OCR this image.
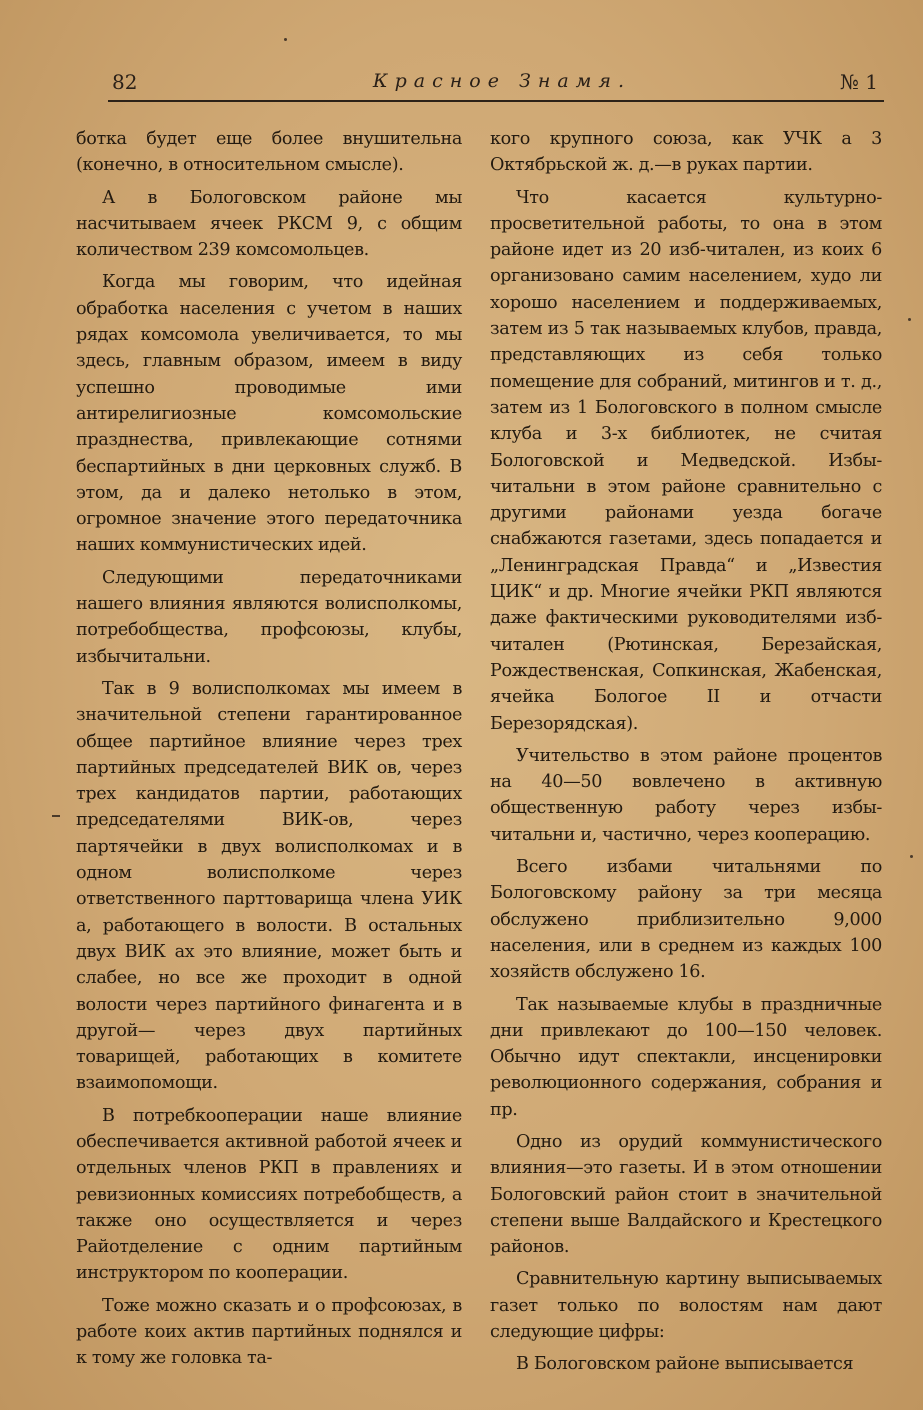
82	Красное Знамя.	№ 1

ботка будет еще более внушительна (конечно, в относительном смысле).

А в Бологовском районе мы насчитываем ячеек РКСМ 9, с общим количеством 239 комсомольцев.

Когда мы говорим, что идейная обработка населения с учетом в наших рядах комсомола увеличивается, то мы здесь, главным образом, имеем в виду успешно проводимые ими антирелигиозные комсомольские празднества, привлекающие сотнями беспартийных в дни церковных служб. В этом, да и далеко нетолько в этом, огромное значение этого передаточника наших коммунистических идей.

Следующими передаточниками нашего влияния являются волисполкомы, потребобщества, профсоюзы, клубы, избычитальни.

Так в 9 волисполкомах мы имеем в значительной степени гарантированное общее партийное влияние через трех партийных председателей ВИК ов, через трех кандидатов партии, работающих председателями ВИК-ов, через партячейки в двух волисполкомах и в одном волисполкоме через ответственного парттоварища члена УИК а, работающего в волости. В остальных двух ВИК ах это влияние, может быть и слабее, но все же проходит в одной волости через партийного финагента и в другой— через двух партийных товарищей, работающих в комитете взаимопомощи.

В потребкооперации наше влияние обеспечивается активной работой ячеек и отдельных членов РКП в правлениях и ревизионных комиссиях потребобществ, а также оно осуществляется и через Райотделение с одним партийным инструктором по кооперации.

Тоже можно сказать и о профсоюзах, в работе коих актив партийных поднялся и к тому же головка та-

кого крупного союза, как УЧК а 3 Октябрьской ж. д.—в руках партии.

Что касается культурно-просветительной работы, то она в этом районе идет из 20 изб-читален, из коих 6 организовано самим населением, худо ли хорошо населением и поддерживаемых, затем из 5 так называемых клубов, правда, представляющих из себя только помещение для собраний, митингов и т. д., затем из 1 Бологовского в полном смысле клуба и 3-х библиотек, не считая Бологовской и Медведской. Избы-читальни в этом районе сравнительно с другими районами уезда богаче снабжаются газетами, здесь попадается и „Ленинградская Правда“ и „Известия ЦИК“ и др. Многие ячейки РКП являются даже фактическими руководителями изб-читален (Рютинская, Березайская, Рождественская, Сопкинская, Жабенская, ячейка Бологое II и отчасти Березорядская).

Учительство в этом районе процентов на 40—50 вовлечено в активную общественную работу через избы-читальни и, частично, через кооперацию.

Всего избами читальнями по Бологовскому району за три месяца обслужено приблизительно 9,000 населения, или в среднем из каждых 100 хозяйств обслужено 16.

Так называемые клубы в праздничные дни привлекают до 100—150 человек. Обычно идут спектакли, инсценировки революционного содержания, собрания и пр.

Одно из орудий коммунистического влияния—это газеты. И в этом отношении Бологовский район стоит в значительной степени выше Валдайского и Крестецкого районов.

Сравнительную картину выписываемых газет только по волостям нам дают следующие цифры:

В Бологовском районе выписывается
